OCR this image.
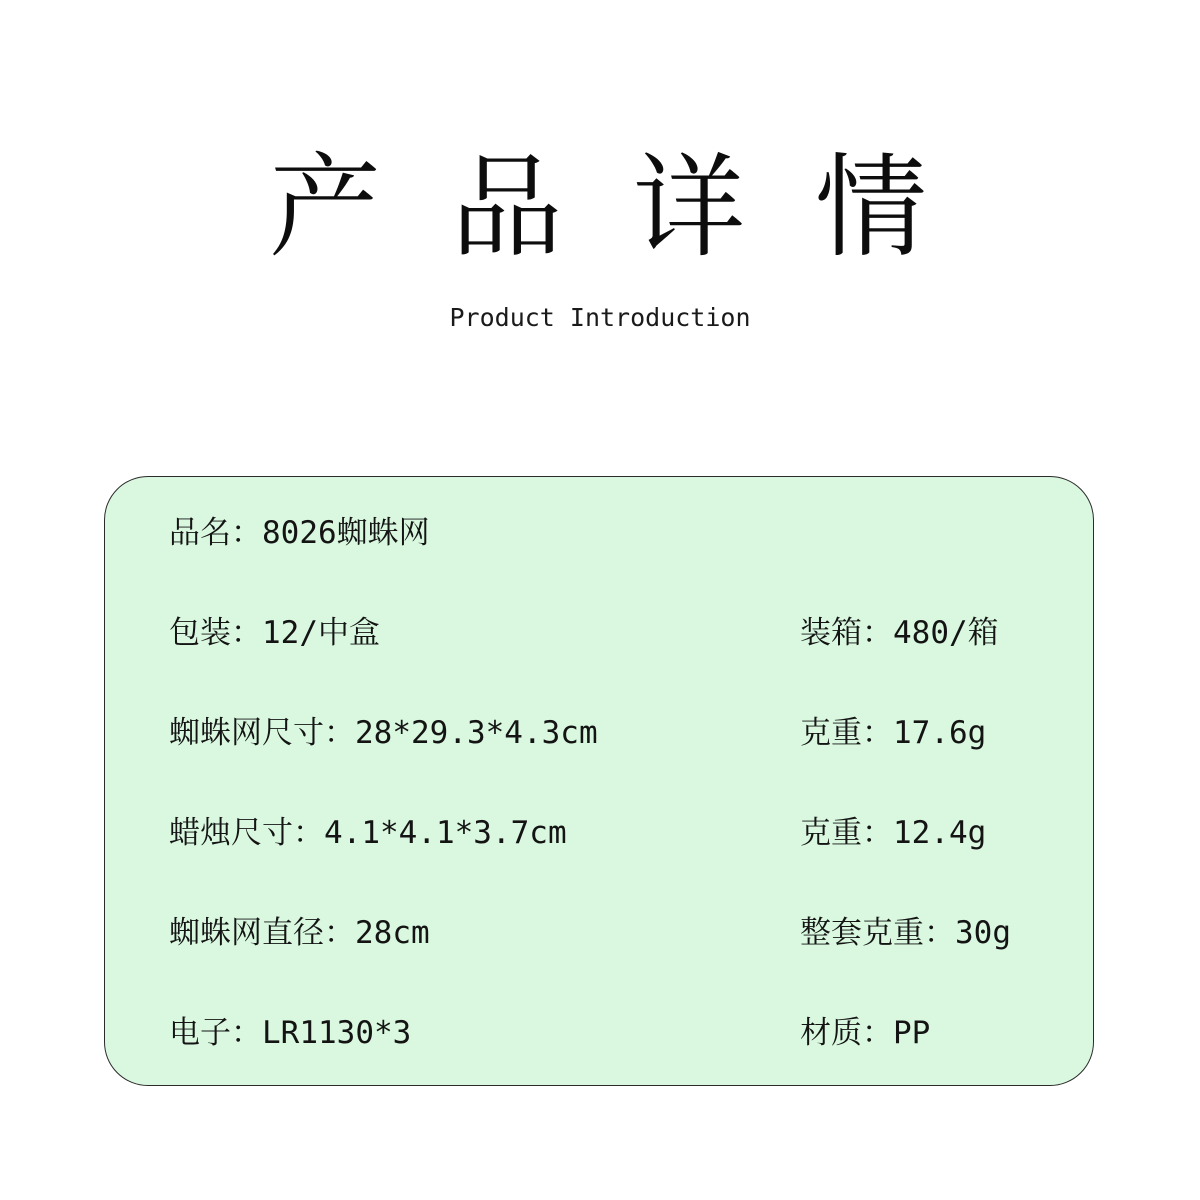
产 品 详 情
Product Introduction
品名：8026蜘蛛网
包装：12/中盒	装箱：480/箱
蜘蛛网尺寸：28*29.3*4.3cm	克重：17.6g
蜡烛尺寸：4.1*4.1*3.7cm	克重：12.4g
蜘蛛网直径：28cm	整套克重：30g
电子：LR1130*3	材质：PP
